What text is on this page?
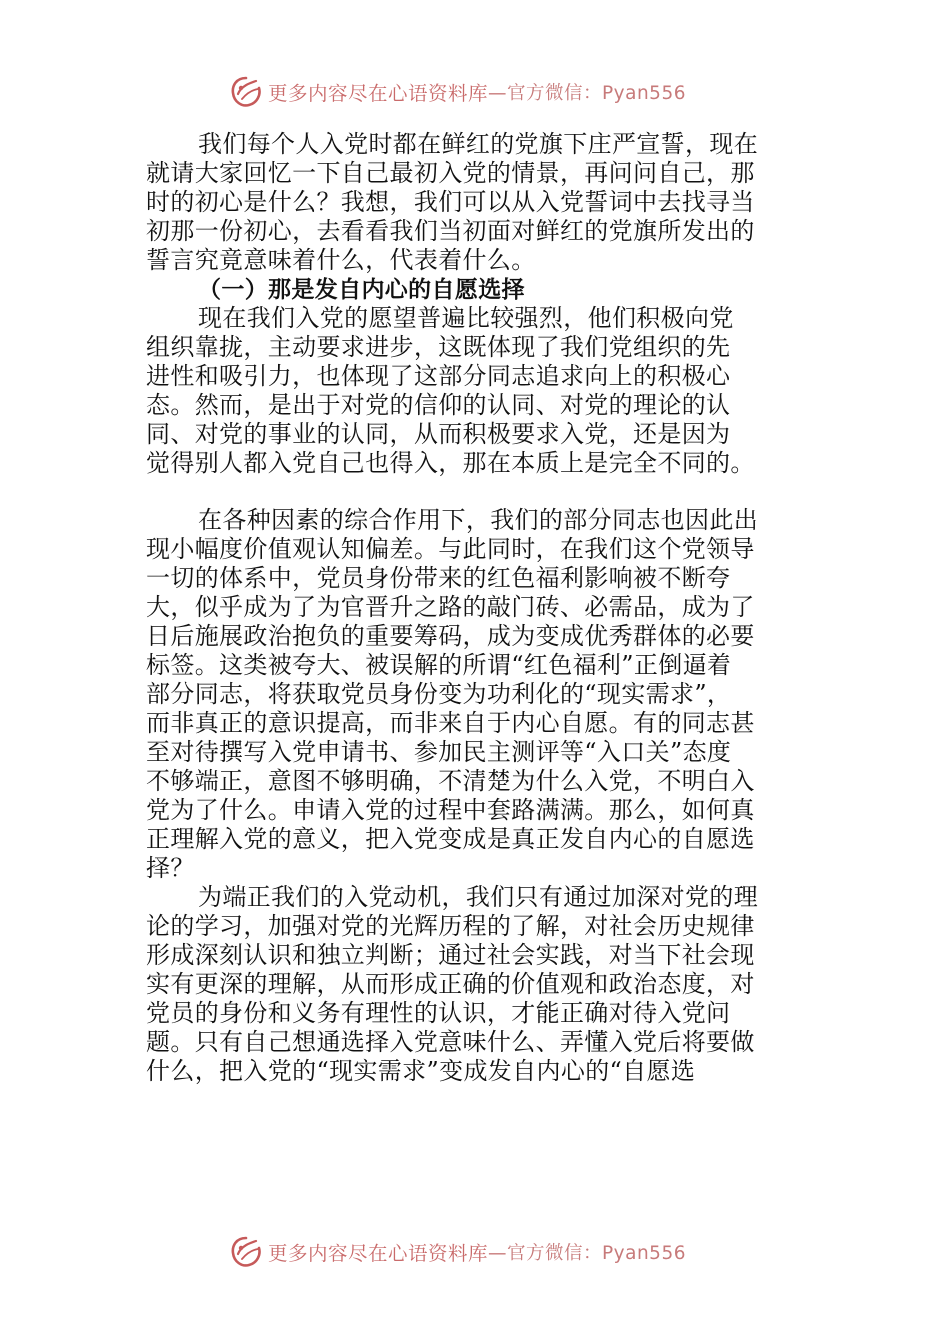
更多内容尽在心语资料库 —官方微信：Pyan556
我们每个人入党时都在鲜红的党旗下庄严宣誓，现在
就请大家回忆一下自己最初入党的情景，再问问自己，那
时的初心是什么？我想，我们可以从入党誓词中去找寻当
初那一份初心，去看看我们当初面对鲜红的党旗所发出的
誓言究竟意味着什么，代表着什么。
（一）那是发自内心的自愿选择
现在我们入党的愿望普遍比较强烈，他们积极向党
组织靠拢，主动要求进步，这既体现了我们党组织的先
进性和吸引力，也体现了这部分同志追求向上的积极心
态。然而，是出于对党的信仰的认同、对党的理论的认
同、对党的事业的认同，从而积极要求入党，还是因为
觉得别人都入党自己也得入，那在本质上是完全不同的。
在各种因素的综合作用下，我们的部分同志也因此出
现小幅度价值观认知偏差。与此同时，在我们这个党领导
一切的体系中，党员身份带来的红色福利影响被不断夸
大，似乎成为了为官晋升之路的敲门砖、必需品，成为了
日后施展政治抱负的重要筹码，成为变成优秀群体的必要
标签。这类被夸大、被误解的所谓“红色福利”正倒逼着
部分同志，将获取党员身份变为功利化的“现实需求”，
而非真正的意识提高，而非来自于内心自愿。有的同志甚
至对待撰写入党申请书、参加民主测评等“入口关”态度
不够端正，意图不够明确，不清楚为什么入党，不明白入
党为了什么。申请入党的过程中套路满满。那么，如何真
正理解入党的意义，把入党变成是真正发自内心的自愿选
择？
为端正我们的入党动机，我们只有通过加深对党的理
论的学习，加强对党的光辉历程的了解，对社会历史规律
形成深刻认识和独立判断；通过社会实践，对当下社会现
实有更深的理解，从而形成正确的价值观和政治态度，对
党员的身份和义务有理性的认识，才能正确对待入党问
题。只有自己想通选择入党意味什么、弄懂入党后将要做
什么，把入党的“现实需求”变成发自内心的“自愿选
更多内容尽在心语资料库 —官方微信：Pyan556
